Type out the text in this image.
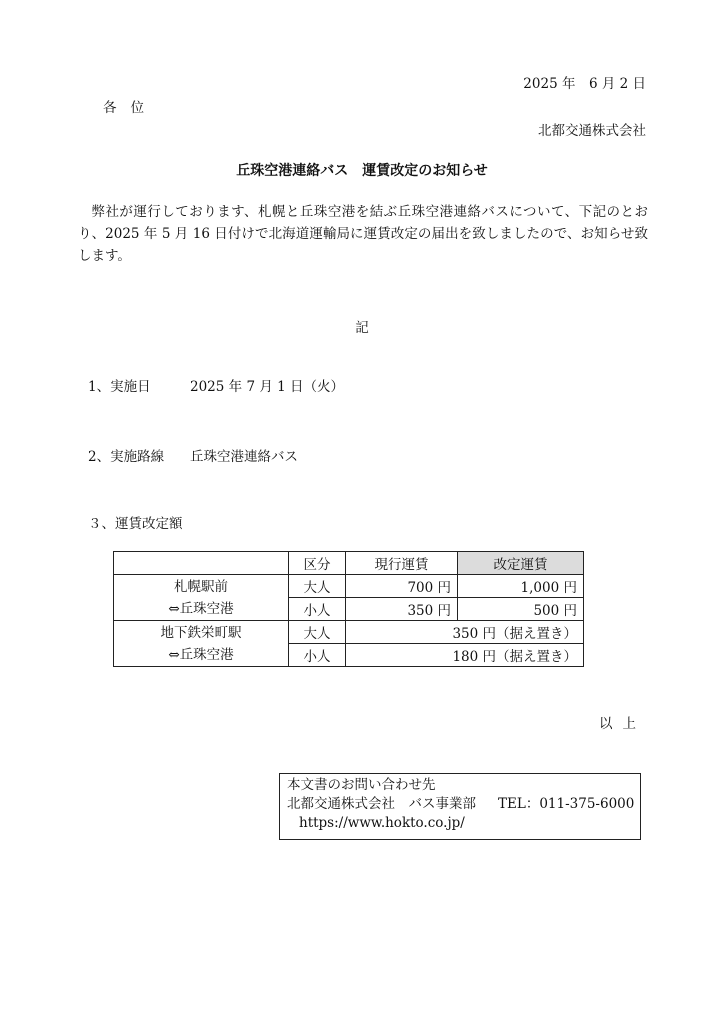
2025 年　6 月 2 日
各位
北都交通株式会社
丘珠空港連絡バス　運賃改定のお知らせ
弊社が運行しております、札幌と丘珠空港を結ぶ丘珠空港連絡バスについて、下記のとおり、2025 年 5 月 16 日付けで北海道運輸局に運賃改定の届出を致しましたので、お知らせ致します。
記
1、実施日	2025 年 7 月 1 日（火）
2、実施路線 丘珠空港連絡バス
３、運賃改定額
	区分	現行運賃	改定運賃

札幌駅前
⇔丘珠空港	大人	700 円	1,000 円
	小人	350 円	500 円

地下鉄栄町駅
⇔丘珠空港	大人	350 円（据え置き）	
	小人	180 円（据え置き）	
以上
本文書のお問い合わせ先
北都交通株式会社　バス事業部 TEL：011-375-6000
https://www.hokto.co.jp/
